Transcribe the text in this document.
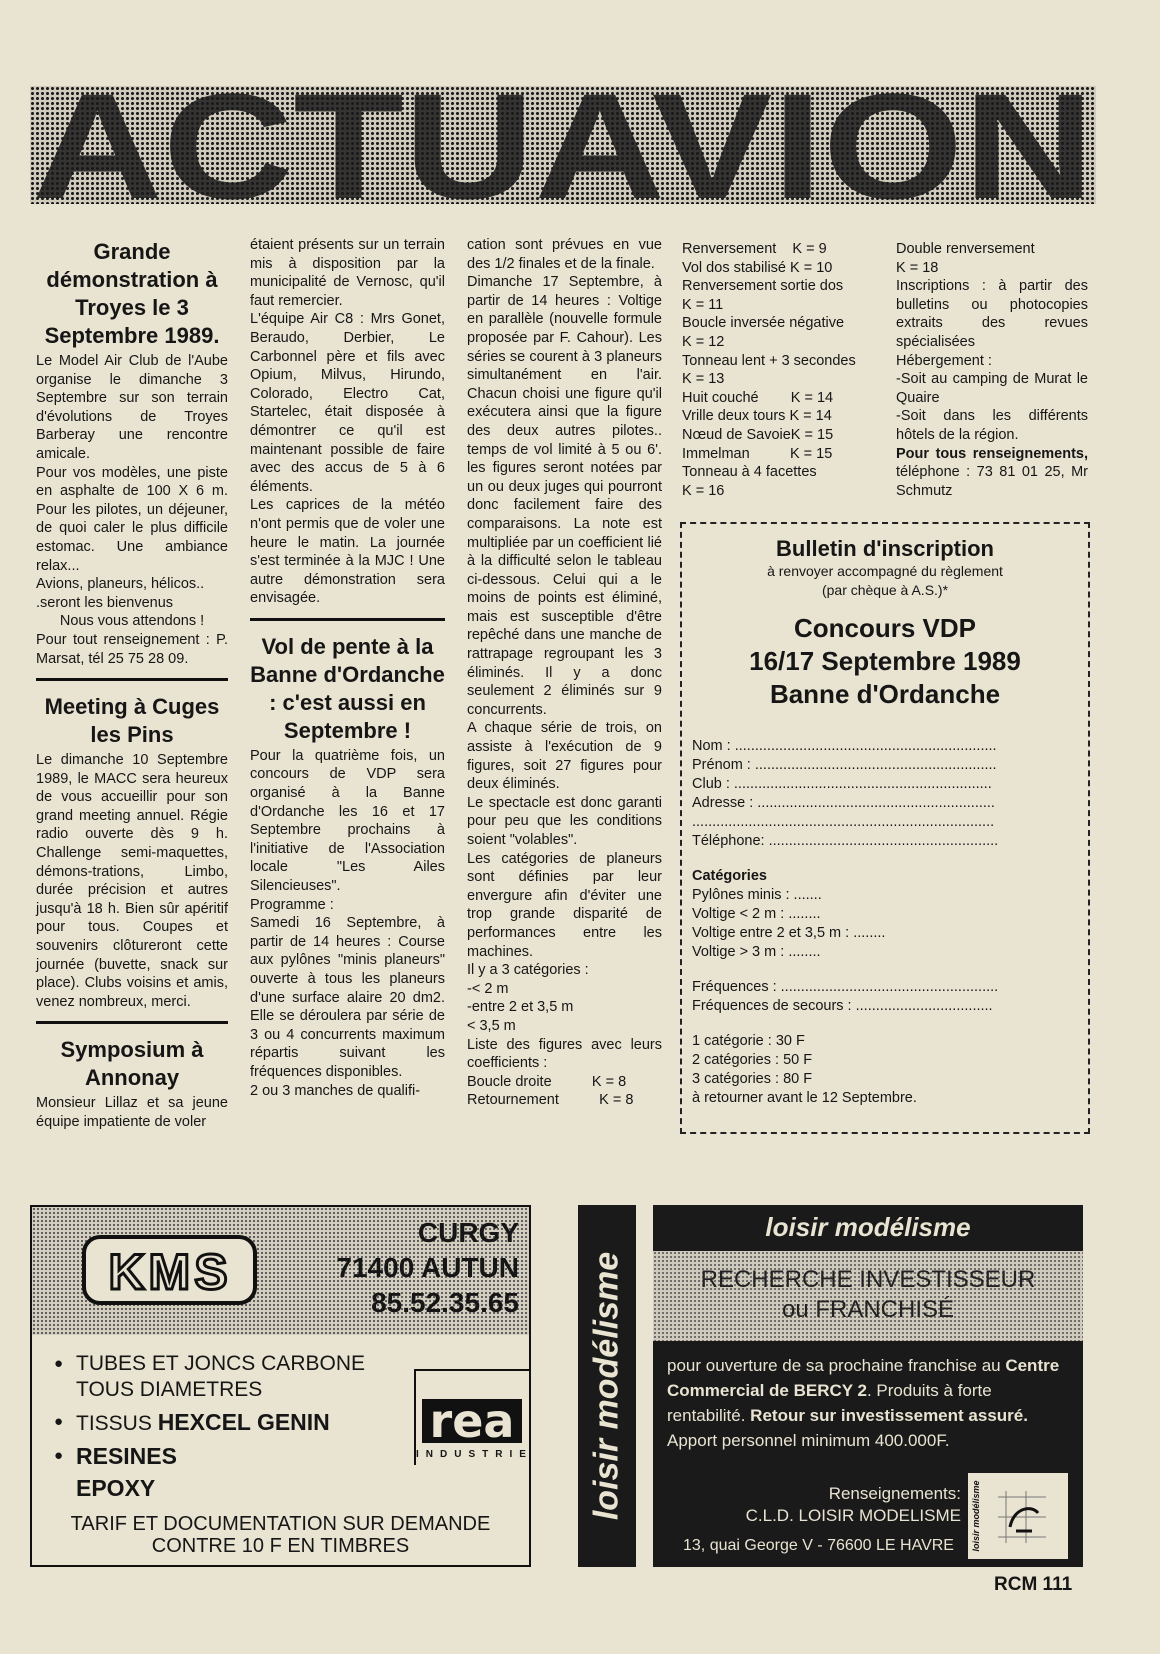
ACTUAVION
Grande démonstration à Troyes le 3 Septembre 1989.

Le Model Air Club de l'Aube organise le dimanche 3 Septembre sur son terrain d'évolutions de Troyes Barberay une rencontre amicale.

Pour vos modèles, une piste en asphalte de 100 X 6 m. Pour les pilotes, un déjeuner, de quoi caler le plus difficile estomac. Une ambiance relax...

Avions, planeurs, hélicos..

.seront les bienvenus

Nous vous attendons !

Pour tout renseignement : P. Marsat, tél 25 75 28 09.

Meeting à Cuges les Pins

Le dimanche 10 Septembre 1989, le MACC sera heureux de vous accueillir pour son grand meeting annuel. Régie radio ouverte dès 9 h. Challenge semi-maquettes, démons-trations, Limbo, durée précision et autres jusqu'à 18 h. Bien sûr apéritif pour tous. Coupes et souvenirs clôtureront cette journée (buvette, snack sur place). Clubs voisins et amis, venez nombreux, merci.

Symposium à Annonay

Monsieur Lillaz et sa jeune équipe impatiente de voler

étaient présents sur un terrain mis à disposition par la municipalité de Vernosc, qu'il faut remercier.

L'équipe Air C8 : Mrs Gonet, Beraudo, Derbier, Le Carbonnel père et fils avec Opium, Milvus, Hirundo, Colorado, Electro Cat, Startelec, était disposée à démontrer ce qu'il est maintenant possible de faire avec des accus de 5 à 6 éléments.

Les caprices de la météo n'ont permis que de voler une heure le matin. La journée s'est terminée à la MJC ! Une autre démonstration sera envisagée.

Vol de pente à la Banne d'Ordanche : c'est aussi en Septembre !

Pour la quatrième fois, un concours de VDP sera organisé à la Banne d'Ordanche les 16 et 17 Septembre prochains à l'initiative de l'Association locale "Les Ailes Silencieuses".

Programme :

Samedi 16 Septembre, à partir de 14 heures : Course aux pylônes "minis planeurs" ouverte à tous les planeurs d'une surface alaire 20 dm2. Elle se déroulera par série de 3 ou 4 concurrents maximum répartis suivant les fréquences disponibles.

2 ou 3 manches de qualifi-

cation sont prévues en vue des 1/2 finales et de la finale.

Dimanche 17 Septembre, à partir de 14 heures : Voltige en parallèle (nouvelle formule proposée par F. Cahour). Les séries se courent à 3 planeurs simultanément en l'air. Chacun choisi une figure qu'il exécutera ainsi que la figure des deux autres pilotes.. temps de vol limité à 5 ou 6'. les figures seront notées par un ou deux juges qui pourront donc facilement faire des comparaisons. La note est multipliée par un coefficient lié à la difficulté selon le tableau ci-dessous. Celui qui a le moins de points est éliminé, mais est susceptible d'être repêché dans une manche de rattrapage regroupant les 3 éliminés. Il y a donc seulement 2 éliminés sur 9 concurrents.

A chaque série de trois, on assiste à l'exécution de 9 figures, soit 27 figures pour deux éliminés.

Le spectacle est donc garanti pour peu que les conditions soient "volables".

Les catégories de planeurs sont définies par leur envergure afin d'éviter une trop grande disparité de performances entre les machines.

Il y a 3 catégories :

-< 2 m

-entre 2 et 3,5 m

< 3,5 m

Liste des figures avec leurs coefficients :

Boucle droite          K = 8

Retournement          K = 8

Renversement    K = 9

Vol dos stabilisé K = 10

Renversement sortie dos

K = 11

Boucle inversée négative

K = 12

Tonneau lent + 3 secondes

K = 13

Huit couché        K = 14

Vrille deux tours K = 14

Nœud de SavoieK = 15

Immelman          K = 15

Tonneau à 4 facettes

K = 16

Double renversement

K = 18

Inscriptions : à partir des bulletins ou photocopies extraits des revues spécialisées

Hébergement :

-Soit au camping de Murat le Quaire

-Soit dans les différents hôtels de la région.

Pour tous renseignements, téléphone : 73 81 01 25, Mr Schmutz

Bulletin d'inscription
à renvoyer accompagné du règlement
(par chèque à A.S.)*
Concours VDP
16/17 Septembre 1989
Banne d'Ordanche
Nom : .................................................................
Prénom : ............................................................
Club : ................................................................
Adresse : ...........................................................
...........................................................................
Téléphone: .........................................................
Catégories
Pylônes minis : .......
Voltige < 2 m : ........
Voltige entre 2 et 3,5 m : ........
Voltige > 3 m : ........
Fréquences : ......................................................
Fréquences de secours : ..................................
1 catégorie : 30 F
2 catégories : 50 F
3 catégories : 80 F
à retourner avant le 12 Septembre.
KMS
CURGY
71400 AUTUN
85.52.35.65
● TUBES ET JONCS CARBONE
TOUS DIAMETRES
● TISSUS HEXCEL GENIN
● RESINES
EPOXY
rea
INDUSTRIE
TARIF ET DOCUMENTATION SUR DEMANDE
CONTRE 10 F EN TIMBRES
loisir modélisme
loisir modélisme
RECHERCHE INVESTISSEUR
ou FRANCHISÉ
pour ouverture de sa prochaine franchise au Centre Commercial de BERCY 2. Produits à forte rentabilité. Retour sur investissement assuré. Apport personnel minimum 400.000F.
Renseignements:
C.L.D. LOISIR MODELISME loisir modélisme
13, quai George V - 76600 LE HAVRE
RCM 111
